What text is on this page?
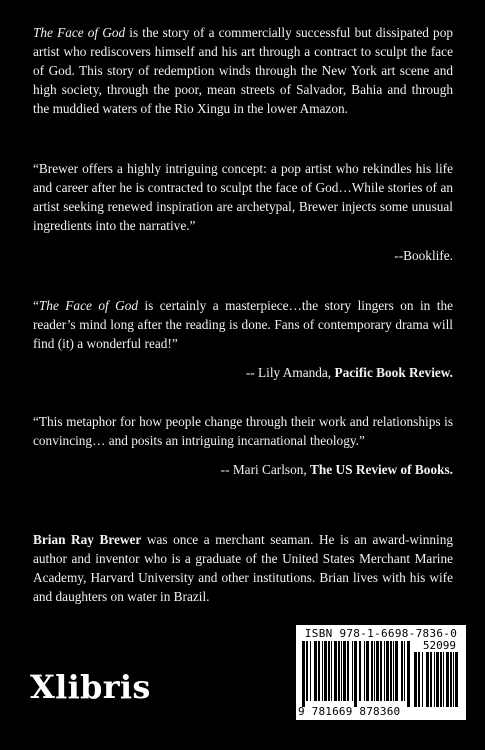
The Face of God is the story of a commercially successful but dissipated pop artist who rediscovers himself and his art through a contract to sculpt the face of God. This story of redemption winds through the New York art scene and high society, through the poor, mean streets of Salvador, Bahia and through the muddied waters of the Rio Xingu in the lower Amazon.

“Brewer offers a highly intriguing concept: a pop artist who rekindles his life and career after he is contracted to sculpt the face of God…While stories of an artist seeking renewed inspiration are archetypal, Brewer injects some unusual ingredients into the narrative.”

--Booklife.

“The Face of God is certainly a masterpiece…the story lingers on in the reader’s mind long after the reading is done. Fans of contemporary drama will find (it) a wonderful read!”

-- Lily Amanda, Pacific Book Review.

“This metaphor for how people change through their work and relationships is convincing… and posits an intriguing incarnational theology.”

-- Mari Carlson, The US Review of Books.

Brian Ray Brewer was once a merchant seaman. He is an award-winning author and inventor who is a graduate of the United States Merchant Marine Academy, Harvard University and other institutions. Brian lives with his wife and daughters on water in Brazil.

Xlibris
ISBN 978-1-6698-7836-0
52099
9 781669 878360
